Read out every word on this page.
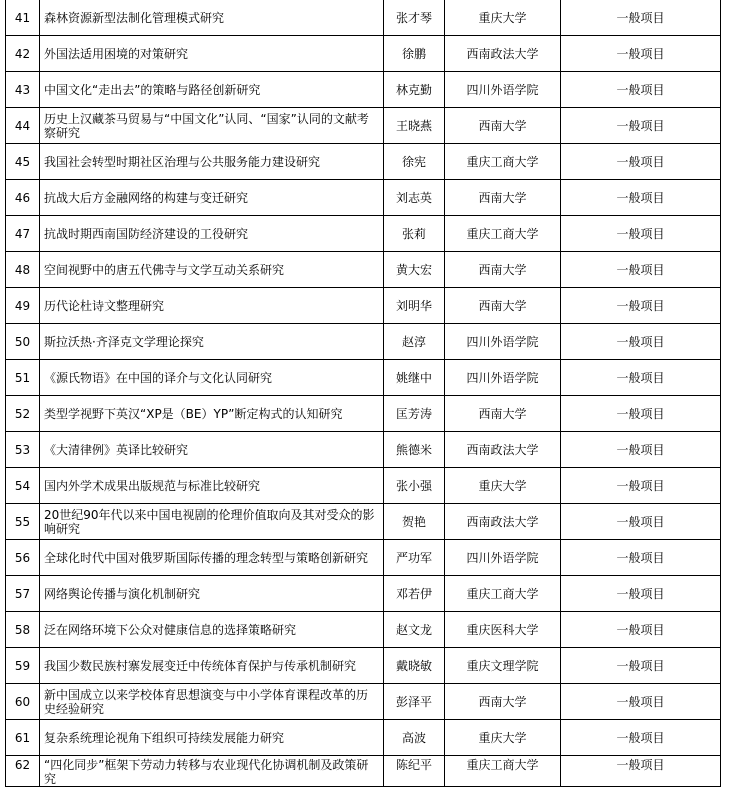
41	森林资源新型法制化管理模式研究	张才琴	重庆大学	一般项目
42	外国法适用困境的对策研究	徐鹏	西南政法大学	一般项目
43	中国文化“走出去”的策略与路径创新研究	林克勤	四川外语学院	一般项目
44	历史上汉藏茶马贸易与“中国文化”认同、“国家”认同的文献考察研究	王晓燕	西南大学	一般项目
45	我国社会转型时期社区治理与公共服务能力建设研究	徐宪	重庆工商大学	一般项目
46	抗战大后方金融网络的构建与变迁研究	刘志英	西南大学	一般项目
47	抗战时期西南国防经济建设的工役研究	张莉	重庆工商大学	一般项目
48	空间视野中的唐五代佛寺与文学互动关系研究	黄大宏	西南大学	一般项目
49	历代论杜诗文整理研究	刘明华	西南大学	一般项目
50	斯拉沃热·齐泽克文学理论探究	赵淳	四川外语学院	一般项目
51	《源氏物语》在中国的译介与文化认同研究	姚继中	四川外语学院	一般项目
52	类型学视野下英汉“XP是（BE）YP”断定构式的认知研究	匡芳涛	西南大学	一般项目
53	《大清律例》英译比较研究	熊德米	西南政法大学	一般项目
54	国内外学术成果出版规范与标准比较研究	张小强	重庆大学	一般项目
55	20世纪90年代以来中国电视剧的伦理价值取向及其对受众的影响研究	贺艳	西南政法大学	一般项目
56	全球化时代中国对俄罗斯国际传播的理念转型与策略创新研究	严功军	四川外语学院	一般项目
57	网络舆论传播与演化机制研究	邓若伊	重庆工商大学	一般项目
58	泛在网络环境下公众对健康信息的选择策略研究	赵文龙	重庆医科大学	一般项目
59	我国少数民族村寨发展变迁中传统体育保护与传承机制研究	戴晓敏	重庆文理学院	一般项目
60	新中国成立以来学校体育思想演变与中小学体育课程改革的历史经验研究	彭泽平	西南大学	一般项目
61	复杂系统理论视角下组织可持续发展能力研究	高波	重庆大学	一般项目
62	“四化同步”框架下劳动力转移与农业现代化协调机制及政策研究	陈纪平	重庆工商大学	一般项目
